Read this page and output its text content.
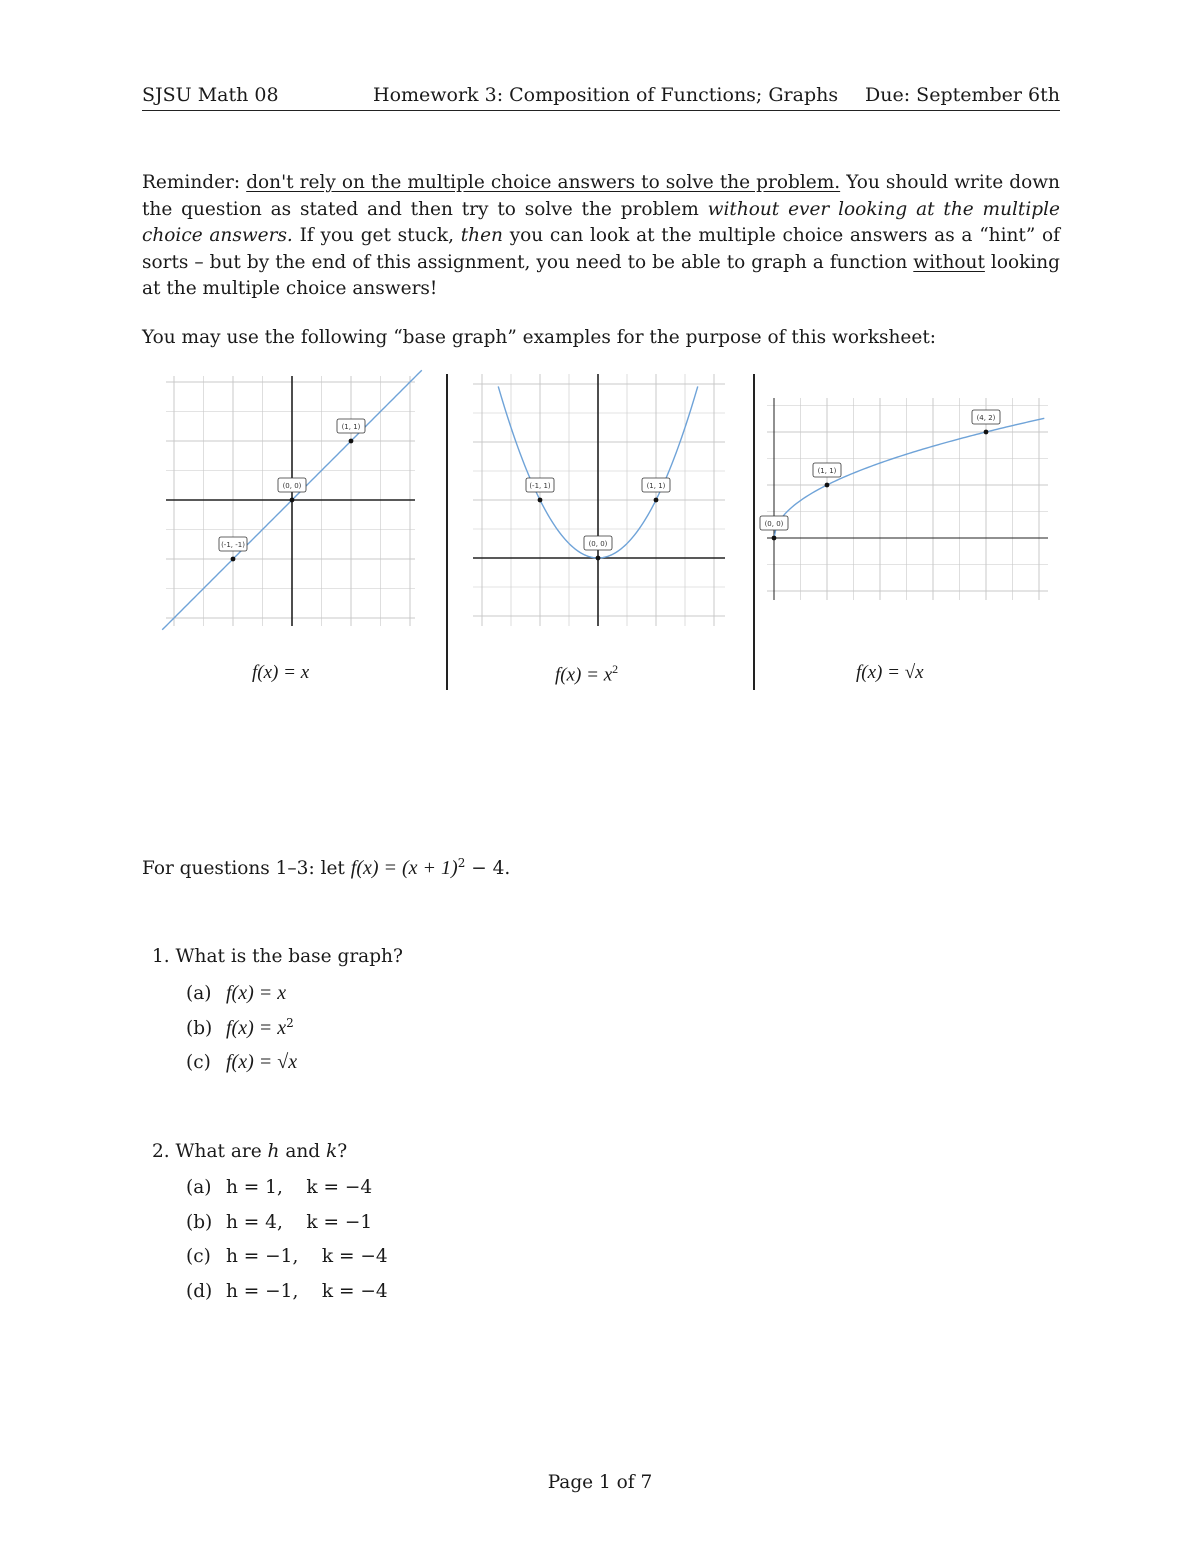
SJSU Math 08	Homework 3: Composition of Functions; Graphs Due: September 6th
Reminder: don't rely on the multiple choice answers to solve the problem. You should write down the question as stated and then try to solve the problem without ever looking at the multiple choice answers. If you get stuck, then you can look at the multiple choice answers as a “hint” of sorts – but by the end of this assignment, you need to be able to graph a function without looking at the multiple choice answers!
You may use the following “base graph” examples for the purpose of this worksheet:
(-1, -1)
(0, 0)
(1, 1)
(-1, 1)
(0, 0)
(1, 1)
(0, 0)
(1, 1)
(4, 2)
f(x) = x	$f(x) = x^2$	f(x) = √x
For questions 1–3: let $f(x) = (x + 1)^2 - 4$.
1. What is the base graph?
(a) f(x) = x
(b) $f(x) = x^2$
(c) f(x) = √x
2. What are h and k?
(a) h = 1,    k = −4
(b) h = 4,    k = −1
(c) h = −1,    k = −4
(d) h = −1,    k = −4
Page 1 of 7
